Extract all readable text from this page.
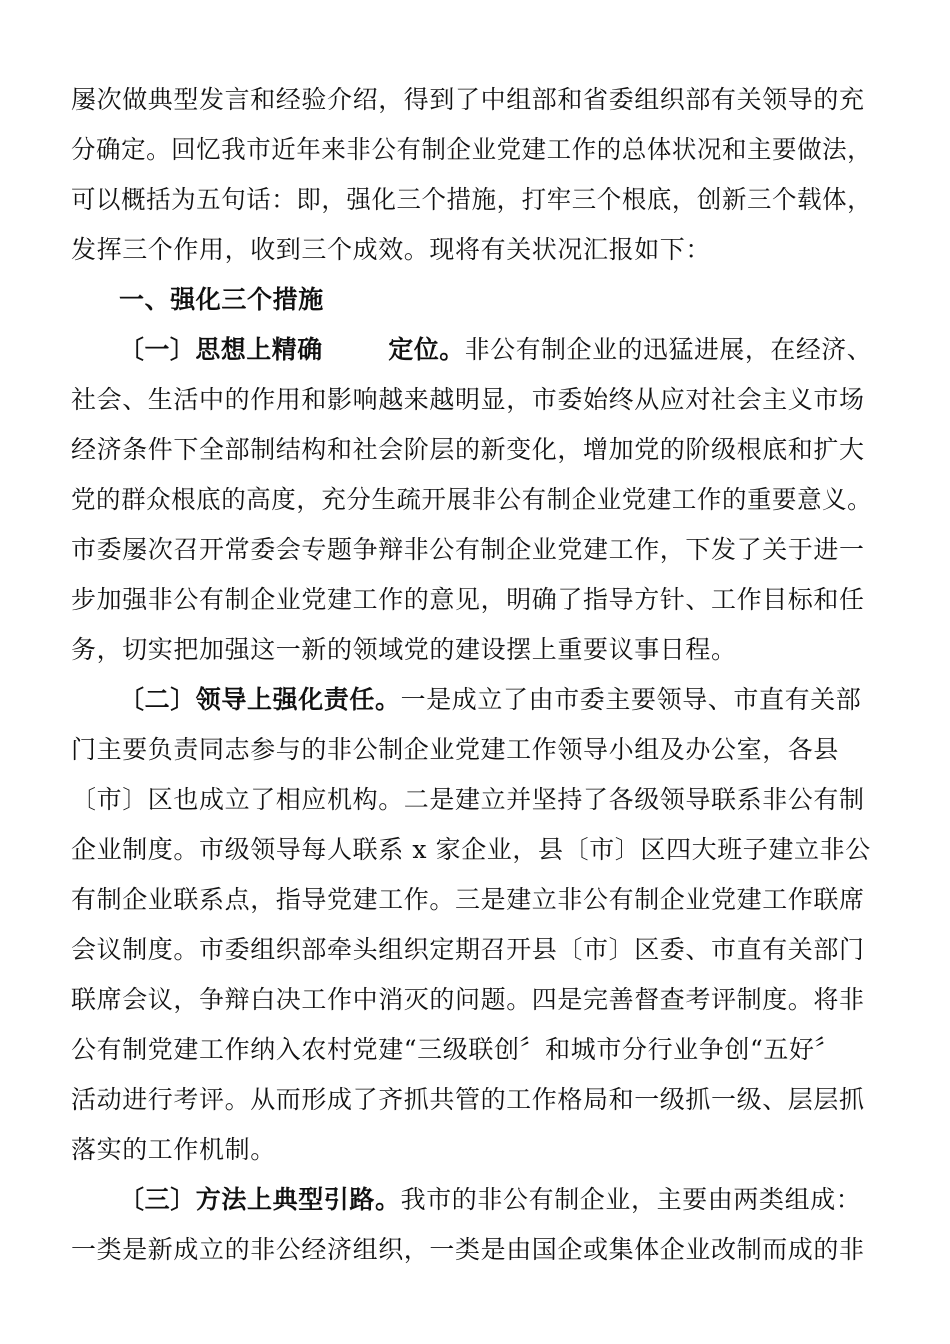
屡次做典型发言和经验介绍，得到了中组部和省委组织部有关领导的充
分确定。回忆我市近年来非公有制企业党建工作的总体状况和主要做法，
可以概括为五句话：即，强化三个措施，打牢三个根底，创新三个载体，
发挥三个作用，收到三个成效。现将有关状况汇报如下：
一、强化三个措施
〔一〕思想上精确	定位。非公有制企业的迅猛进展，在经济、
社会、生活中的作用和影响越来越明显，市委始终从应对社会主义市场
经济条件下全部制结构和社会阶层的新变化，增加党的阶级根底和扩大
党的群众根底的高度，充分生疏开展非公有制企业党建工作的重要意义。
市委屡次召开常委会专题争辩非公有制企业党建工作，下发了关于进一
步加强非公有制企业党建工作的意见，明确了指导方针、工作目标和任
务，切实把加强这一新的领域党的建设摆上重要议事日程。
〔二〕领导上强化责任。一是成立了由市委主要领导、市直有关部
门主要负责同志参与的非公制企业党建工作领导小组及办公室，各县
〔市〕区也成立了相应机构。二是建立并坚持了各级领导联系非公有制
企业制度。市级领导每人联系 x 家企业，县〔市〕区四大班子建立非公
有制企业联系点，指导党建工作。三是建立非公有制企业党建工作联席
会议制度。市委组织部牵头组织定期召开县〔市〕区委、市直有关部门
联席会议，争辩白决工作中消灭的问题。四是完善督查考评制度。将非
公有制党建工作纳入农村党建“三级联创〞和城市分行业争创“五好〞
活动进行考评。从而形成了齐抓共管的工作格局和一级抓一级、层层抓
落实的工作机制。
〔三〕方法上典型引路。我市的非公有制企业，主要由两类组成：
一类是新成立的非公经济组织，一类是由国企或集体企业改制而成的非
